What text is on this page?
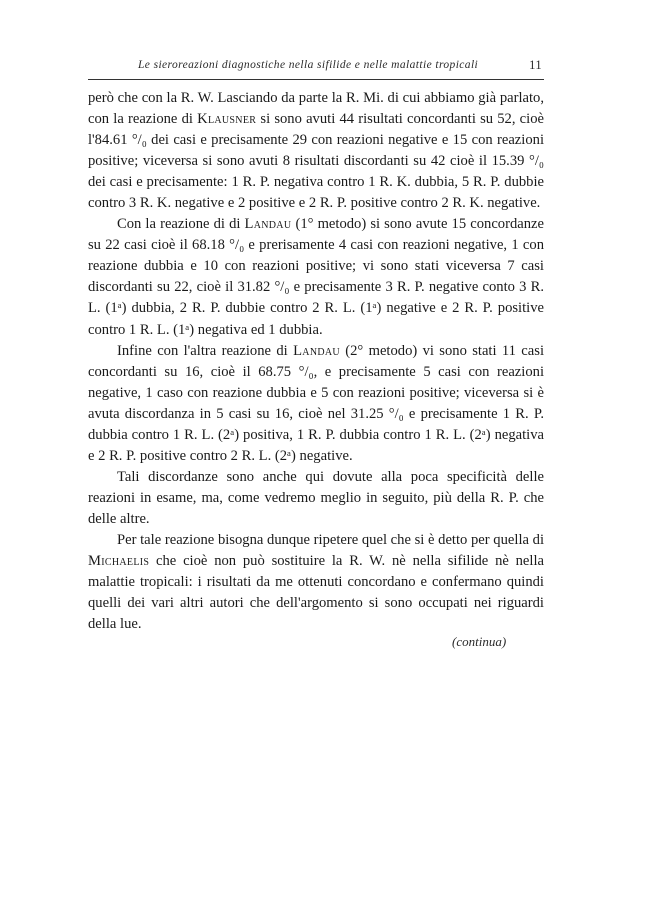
Le sieroreazioni diagnostiche nella sifilide e nelle malattie tropicali	11

però che con la R. W. Lasciando da parte la R. Mi. di cui abbiamo già parlato, con la reazione di Klausner si sono avuti 44 risultati concordanti su 52, cioè l'84.61 °/₀ dei casi e precisamente 29 con reazioni negative e 15 con reazioni positive; viceversa si sono avuti 8 risultati discordanti su 42 cioè il 15.39 °/₀ dei casi e precisamente: 1 R. P. negativa contro 1 R. K. dubbia, 5 R. P. dubbie contro 3 R. K. negative e 2 positive e 2 R. P. positive contro 2 R. K. negative.

Con la reazione di di Landau (1° metodo) si sono avute 15 concordanze su 22 casi cioè il 68.18 °/₀ e prerisamente 4 casi con reazioni negative, 1 con reazione dubbia e 10 con reazioni positive; vi sono stati viceversa 7 casi discordanti su 22, cioè il 31.82 °/₀ e precisamente 3 R. P. negative conto 3 R. L. (1ᵃ) dubbia, 2 R. P. dubbie contro 2 R. L. (1ᵃ) negative e 2 R. P. positive contro 1 R. L. (1ᵃ) negativa ed 1 dubbia.

Infine con l'altra reazione di Landau (2° metodo) vi sono stati 11 casi concordanti su 16, cioè il 68.75 °/₀, e precisamente 5 casi con reazioni negative, 1 caso con reazione dubbia e 5 con reazioni positive; viceversa si è avuta discordanza in 5 casi su 16, cioè nel 31.25 °/₀ e precisamente 1 R. P. dubbia contro 1 R. L. (2ᵃ) positiva, 1 R. P. dubbia contro 1 R. L. (2ᵃ) negativa e 2 R. P. positive contro 2 R. L. (2ᵃ) negative.

Tali discordanze sono anche qui dovute alla poca specificità delle reazioni in esame, ma, come vedremo meglio in seguito, più della R. P. che delle altre.

Per tale reazione bisogna dunque ripetere quel che si è detto per quella di Michaelis che cioè non può sostituire la R. W. nè nella sifilide nè nella malattie tropicali: i risultati da me ottenuti concordano e confermano quindi quelli dei vari altri autori che dell'argomento si sono occupati nei riguardi della lue.

(continua)
